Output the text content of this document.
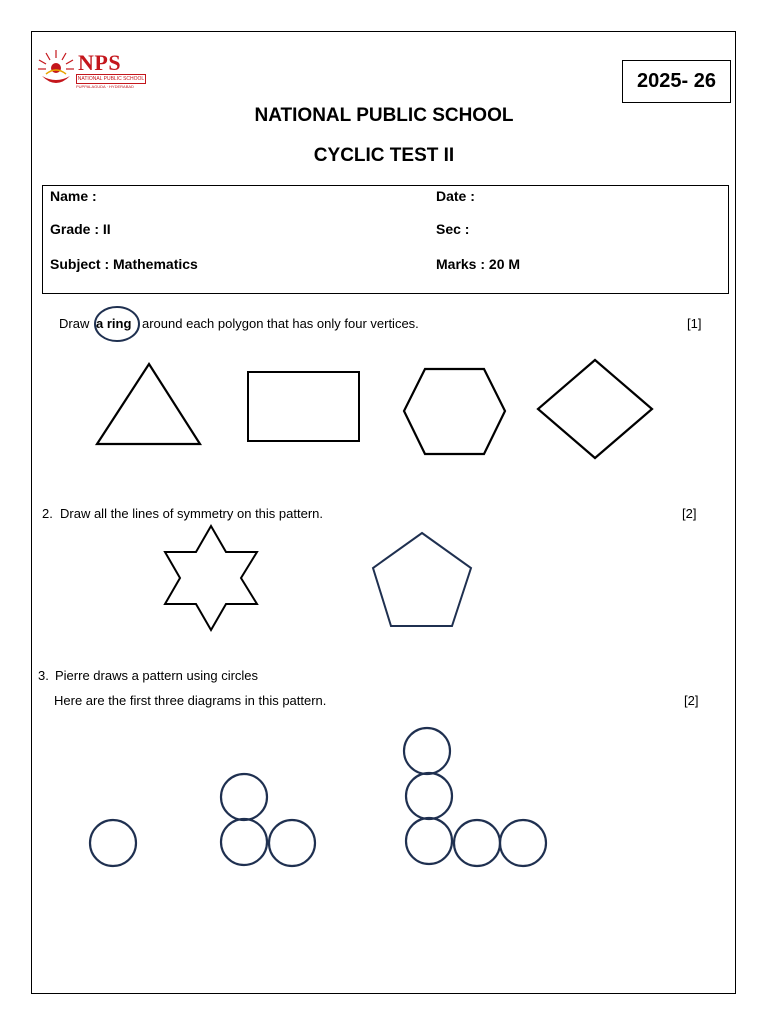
NPS
NATIONAL PUBLIC SCHOOL
PUPPALAGUDA · HYDERABAD	2025- 26
NATIONAL PUBLIC SCHOOL
CYCLIC TEST II
Name :	Date :
Grade : II	Sec :
Subject : Mathematics	Marks : 20 M
Draw a ring around each polygon that has only four vertices.	[1]
2. Draw all the lines of symmetry on this pattern.	[2]
3. Pierre draws a pattern using circles
Here are the first three diagrams in this pattern.	[2]
